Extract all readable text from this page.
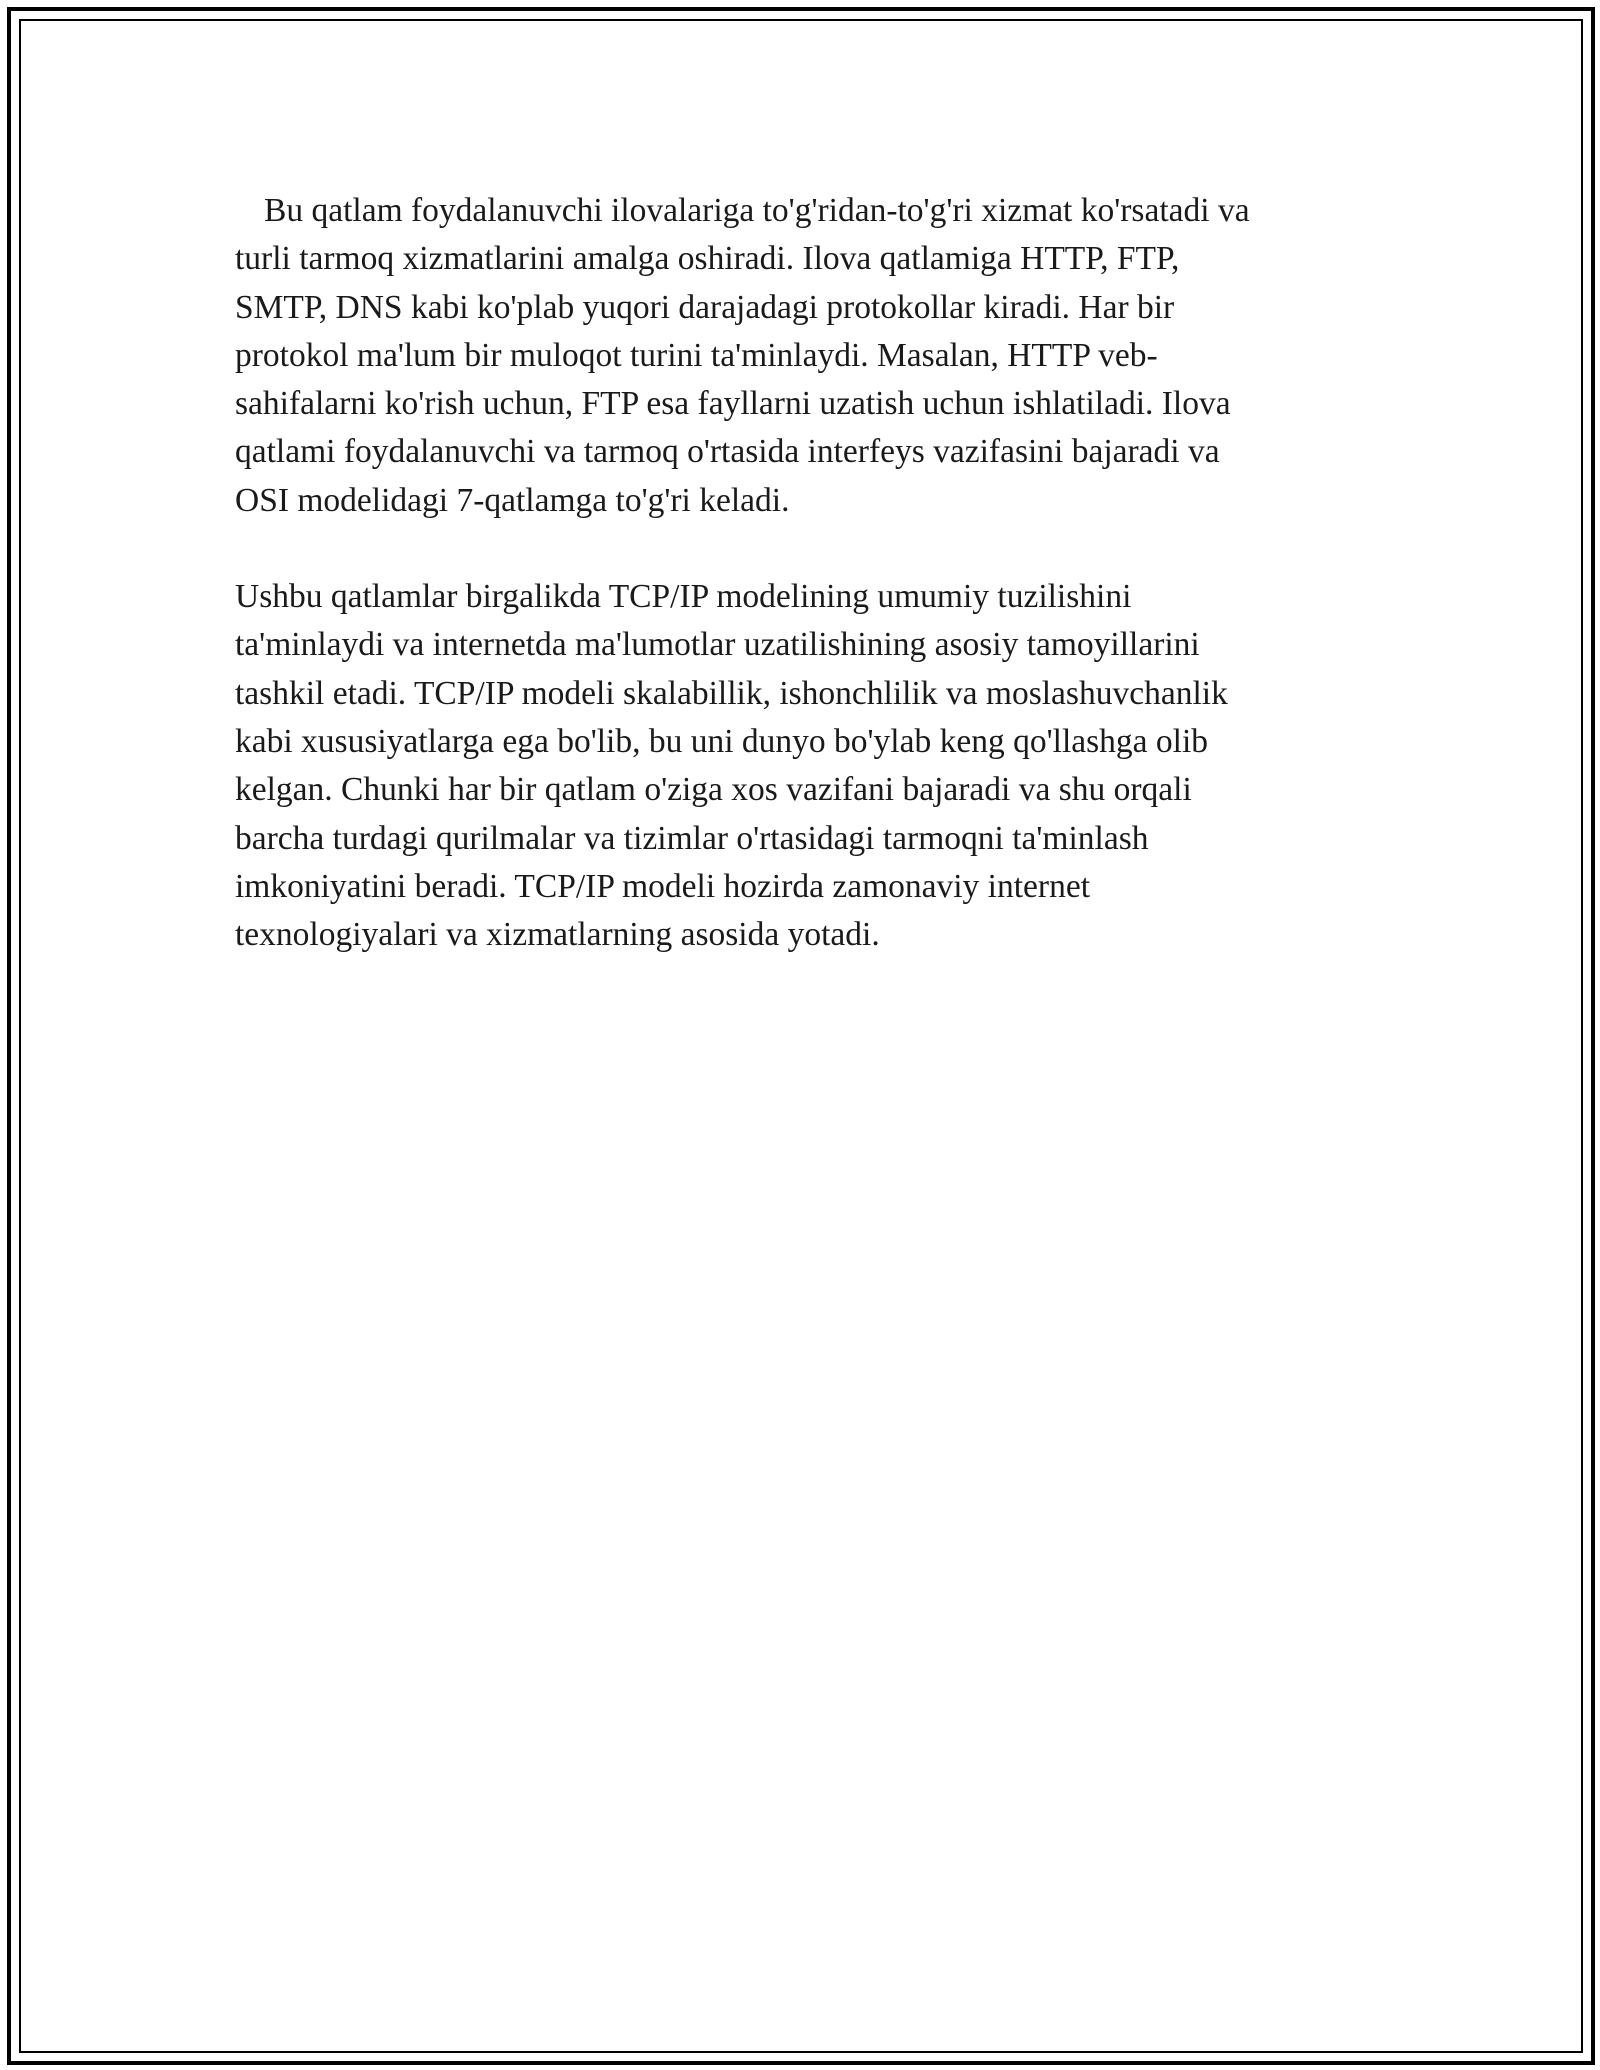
Bu qatlam foydalanuvchi ilovalariga to'g'ridan-to'g'ri xizmat ko'rsatadi va
turli tarmoq xizmatlarini amalga oshiradi. Ilova qatlamiga HTTP, FTP,
SMTP, DNS kabi ko'plab yuqori darajadagi protokollar kiradi. Har bir
protokol ma'lum bir muloqot turini ta'minlaydi. Masalan, HTTP veb-
sahifalarni ko'rish uchun, FTP esa fayllarni uzatish uchun ishlatiladi. Ilova
qatlami foydalanuvchi va tarmoq o'rtasida interfeys vazifasini bajaradi va
OSI modelidagi 7-qatlamga to'g'ri keladi.

Ushbu qatlamlar birgalikda TCP/IP modelining umumiy tuzilishini
ta'minlaydi va internetda ma'lumotlar uzatilishining asosiy tamoyillarini
tashkil etadi. TCP/IP modeli skalabillik, ishonchlilik va moslashuvchanlik
kabi xususiyatlarga ega bo'lib, bu uni dunyo bo'ylab keng qo'llashga olib
kelgan. Chunki har bir qatlam o'ziga xos vazifani bajaradi va shu orqali
barcha turdagi qurilmalar va tizimlar o'rtasidagi tarmoqni ta'minlash
imkoniyatini beradi. TCP/IP modeli hozirda zamonaviy internet
texnologiyalari va xizmatlarning asosida yotadi.
